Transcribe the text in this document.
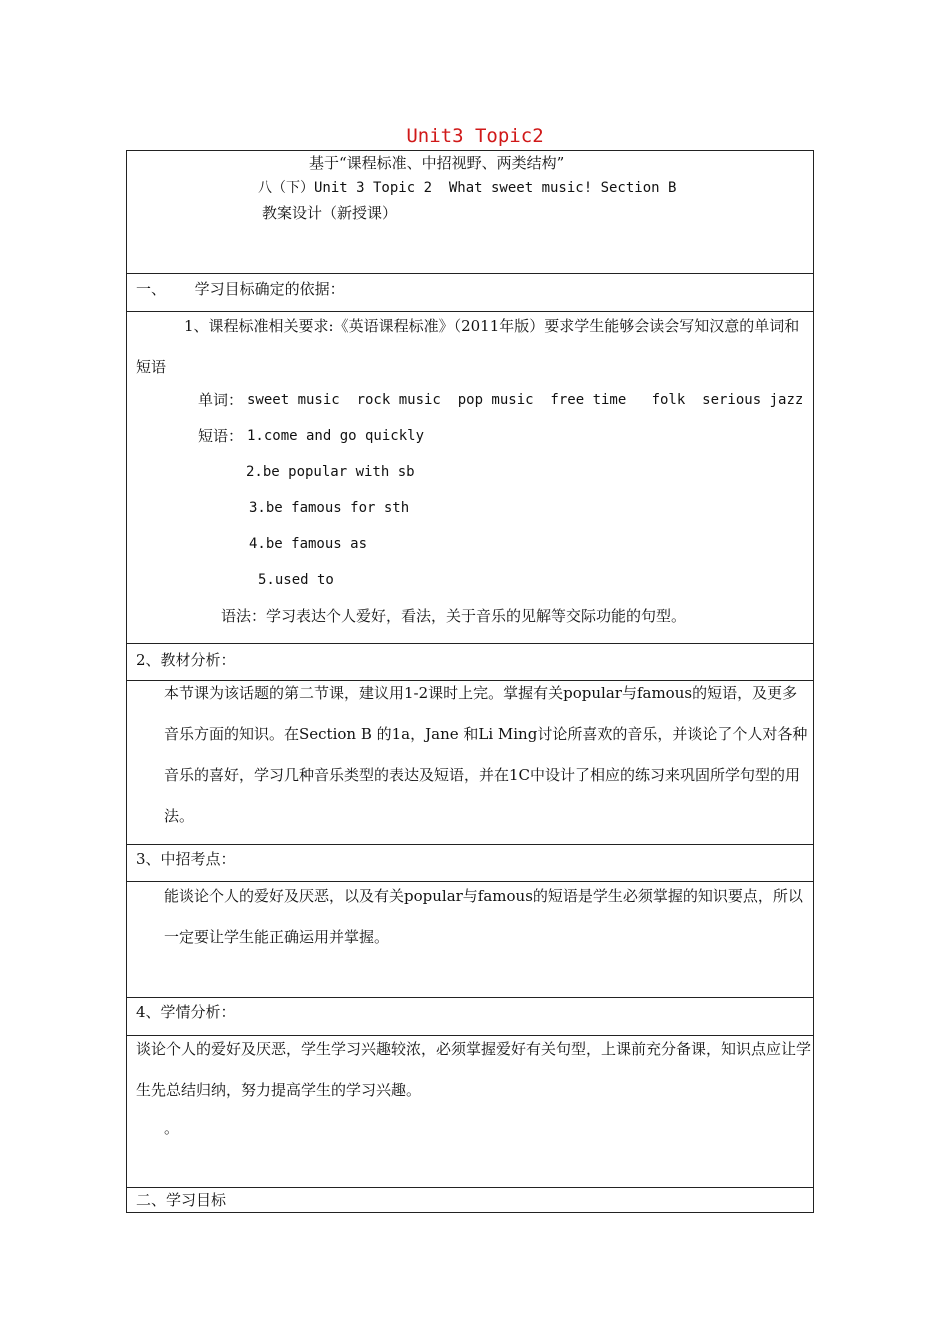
Unit3 Topic2
基于“课程标准、中招视野、两类结构”
八（下）Unit 3 Topic 2  What sweet music! Section B
教案设计（新授课）
一、      学习目标确定的依据：
1、课程标准相关要求:《英语课程标准》（2011年版）要求学生能够会读会写知汉意的单词和短语
单词： sweet music  rock music  pop music  free time   folk  serious jazz
短语： 1.come and go quickly
2.be popular with sb
3.be famous for sth
4.be famous as
5.used to
语法：学习表达个人爱好，看法，关于音乐的见解等交际功能的句型。
2、教材分析：
本节课为该话题的第二节课，建议用1-2课时上完。掌握有关popular与famous的短语，及更多音乐方面的知识。在Section B 的1a，Jane 和Li Ming讨论所喜欢的音乐，并谈论了个人对各种音乐的喜好，学习几种音乐类型的表达及短语，并在1C中设计了相应的练习来巩固所学句型的用法。
3、中招考点：
能谈论个人的爱好及厌恶，以及有关popular与famous的短语是学生必须掌握的知识要点，所以一定要让学生能正确运用并掌握。
4、学情分析：
谈论个人的爱好及厌恶，学生学习兴趣较浓，必须掌握爱好有关句型，上课前充分备课，知识点应让学生先总结归纳，努力提高学生的学习兴趣。
。
二、学习目标
